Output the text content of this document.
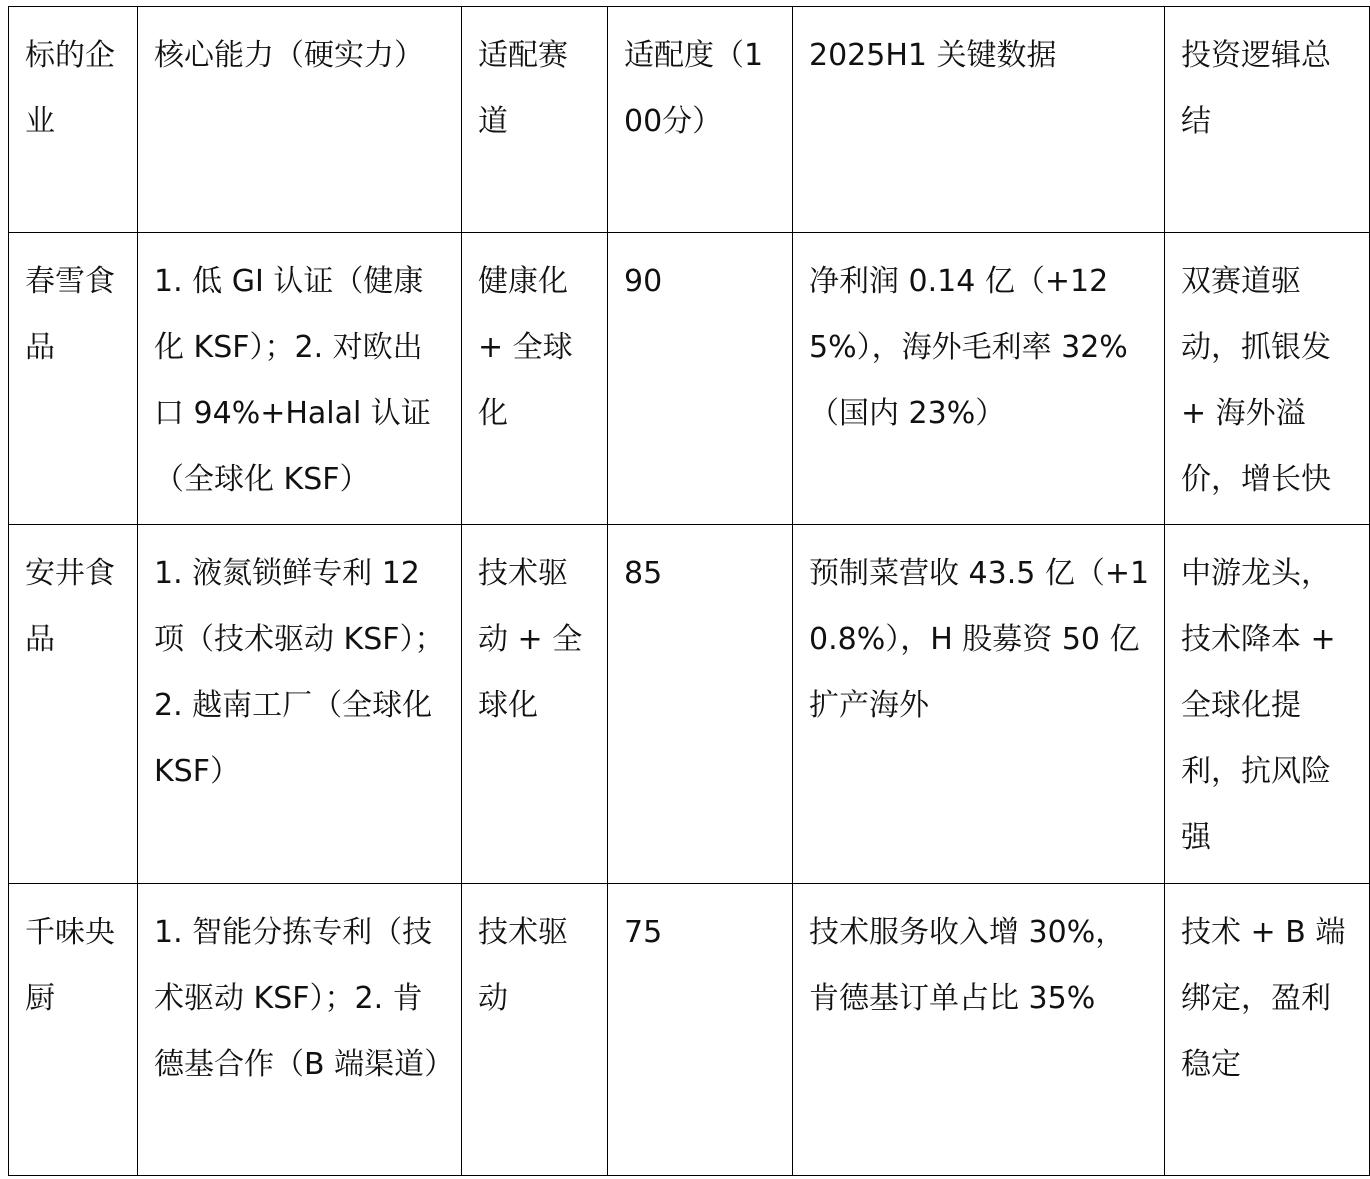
标的企业	核心能力（硬实力）	适配赛道	适配度（100分）	2025H1 关键数据	投资逻辑总结

春雪食品	1. 低 GI 认证（健康化 KSF）；2. 对欧出口 94%+Halal 认证（全球化 KSF）	健康化 + 全球化	90	净利润 0.14 亿（+125%），海外毛利率 32%（国内 23%）	双赛道驱动，抓银发 + 海外溢价，增长快

安井食品	1. 液氮锁鲜专利 12 项（技术驱动 KSF）；2. 越南工厂（全球化 KSF）	技术驱动 + 全球化	85	预制菜营收 43.5 亿（+10.8%），H 股募资 50 亿扩产海外	中游龙头，技术降本 + 全球化提利，抗风险强

千味央厨	1. 智能分拣专利（技术驱动 KSF）；2. 肯德基合作（B 端渠道）	技术驱动	75	技术服务收入增 30%，肯德基订单占比 35%	技术 + B 端绑定，盈利稳定
